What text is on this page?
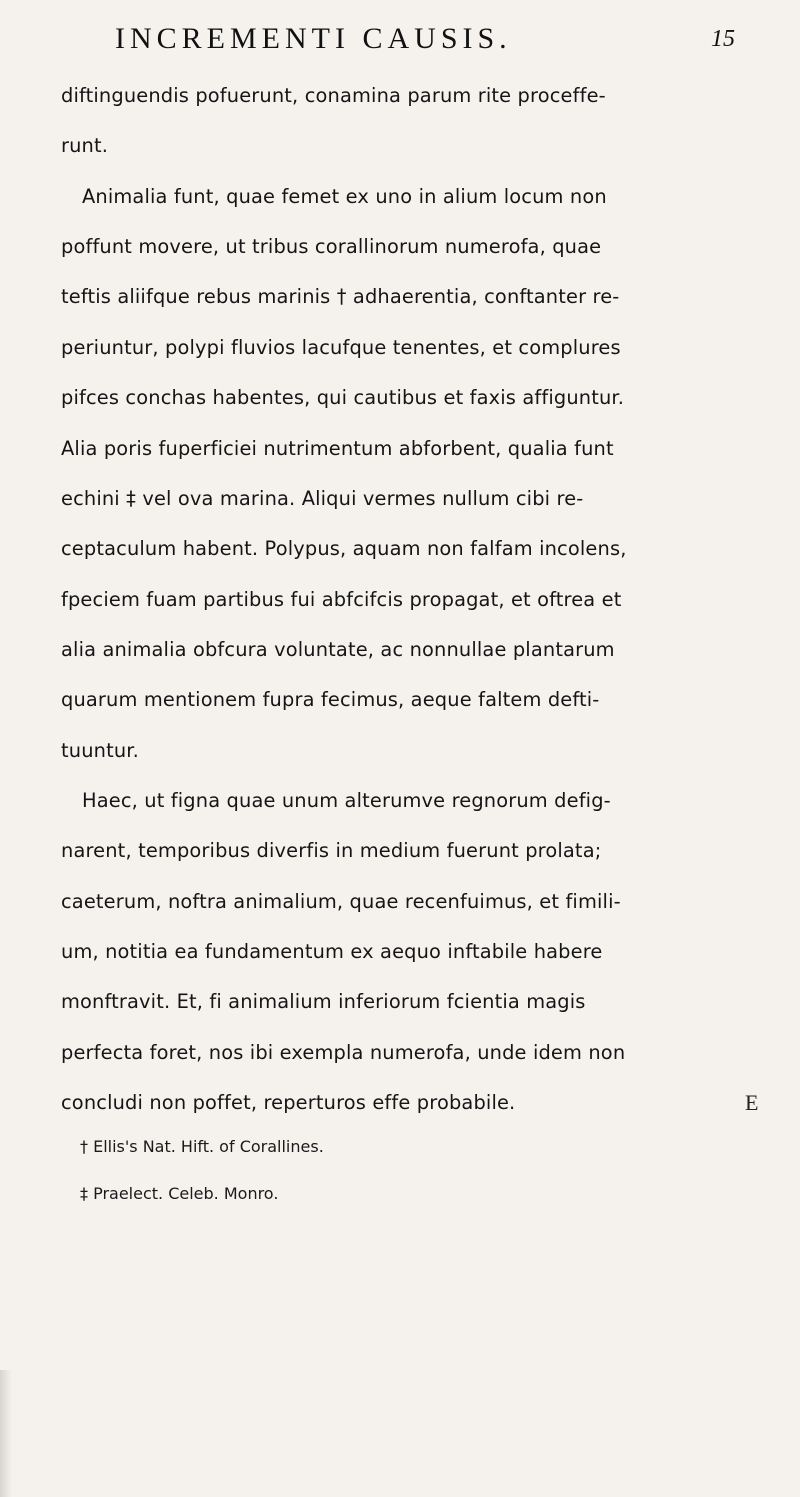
INCREMENTI CAUSIS.	15
diftinguendis pofuerunt, conamina parum rite proceffe-
runt.
Animalia funt, quae femet ex uno in alium locum non
poffunt movere, ut tribus corallinorum numerofa, quae
teftis aliifque rebus marinis † adhaerentia, conftanter re-
periuntur, polypi fluvios lacufque tenentes, et complures
pifces conchas habentes, qui cautibus et faxis affiguntur.
Alia poris fuperficiei nutrimentum abforbent, qualia funt
echini ‡ vel ova marina. Aliqui vermes nullum cibi re-
ceptaculum habent. Polypus, aquam non falfam incolens,
fpeciem fuam partibus fui abfcifcis propagat, et oftrea et
alia animalia obfcura voluntate, ac nonnullae plantarum
quarum mentionem fupra fecimus, aeque faltem defti-
tuuntur.
Haec, ut figna quae unum alterumve regnorum defig-
narent, temporibus diverfis in medium fuerunt prolata;
caeterum, noftra animalium, quae recenfuimus, et fimili-
um, notitia ea fundamentum ex aequo inftabile habere
monftravit. Et, fi animalium inferiorum fcientia magis
perfecta foret, nos ibi exempla numerofa, unde idem non
concludi non poffet, reperturos effe probabile.	E
† Ellis's Nat. Hift. of Corallines.
‡ Praelect. Celeb. Monro.
